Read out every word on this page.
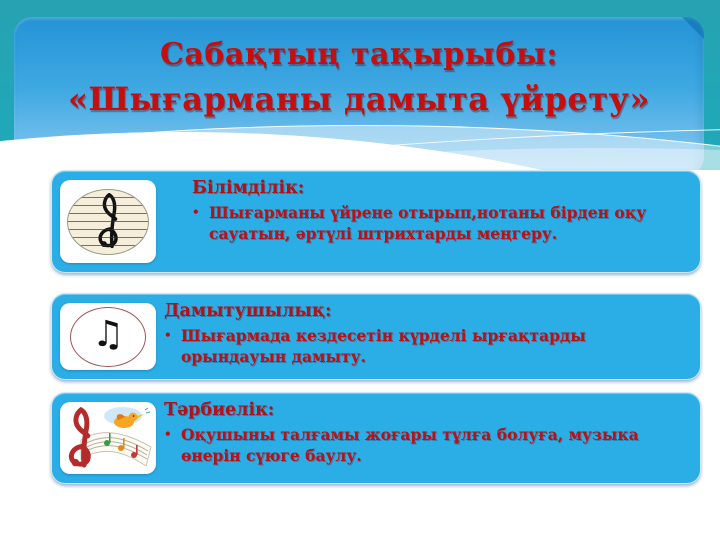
Сабақтың тақырыбы:
«Шығарманы дамыта үйрету»
Білімділік:
• Шығарманы үйрене отырып,нотаны бірден оқу сауатын, әртүлі штрихтарды меңгеру.
♫
Дамытушылық:
• Шығармада кездесетін күрделі ырғақтарды орындауын дамыту.
Тәрбиелік:
• Оқушыны талғамы жоғары тұлға болуға, музыка өнерін сүюге баулу.
